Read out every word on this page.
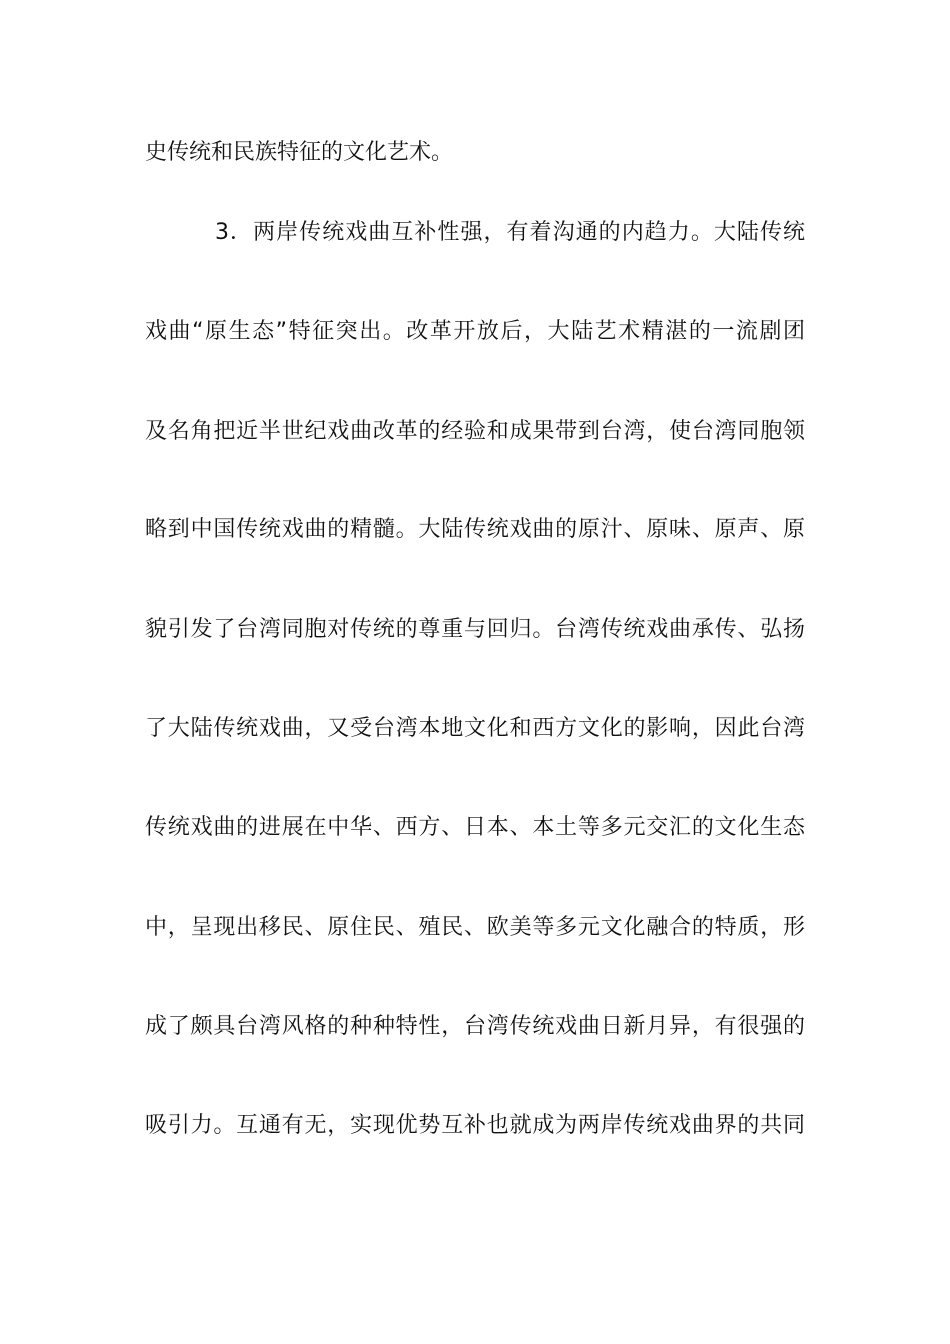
史传统和民族特征的文化艺术。
3．两岸传统戏曲互补性强，有着沟通的内趋力。大陆传统
戏曲“原生态”特征突出。改革开放后，大陆艺术精湛的一流剧团
及名角把近半世纪戏曲改革的经验和成果带到台湾，使台湾同胞领
略到中国传统戏曲的精髓。大陆传统戏曲的原汁、原味、原声、原
貌引发了台湾同胞对传统的尊重与回归。台湾传统戏曲承传、弘扬
了大陆传统戏曲，又受台湾本地文化和西方文化的影响，因此台湾
传统戏曲的进展在中华、西方、日本、本土等多元交汇的文化生态
中，呈现出移民、原住民、殖民、欧美等多元文化融合的特质，形
成了颇具台湾风格的种种特性，台湾传统戏曲日新月异，有很强的
吸引力。互通有无，实现优势互补也就成为两岸传统戏曲界的共同
